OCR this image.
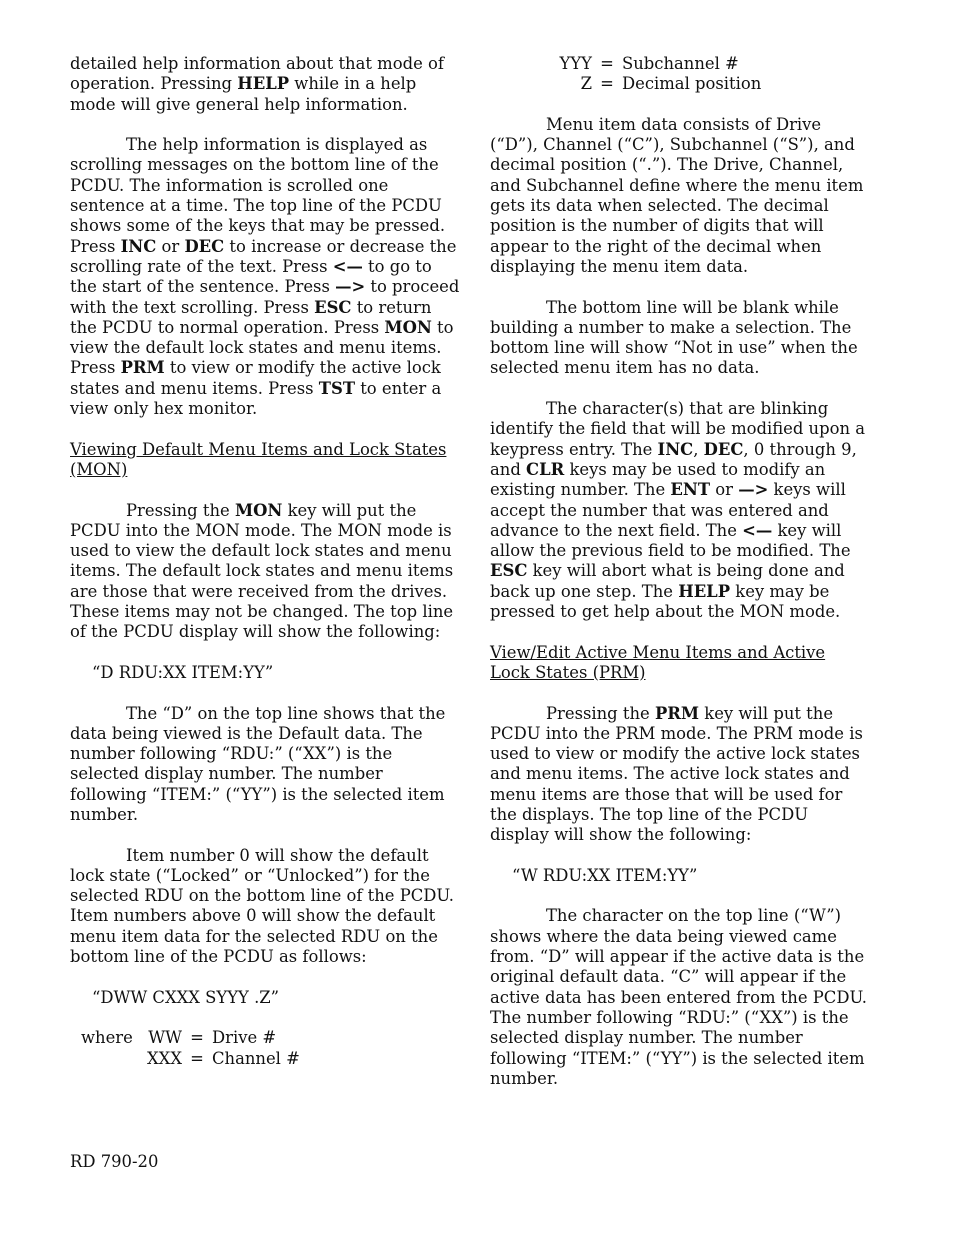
detailed help information about that mode of operation. Pressing HELP while in a help mode will give general help information.

The help information is displayed as scrolling messages on the bottom line of the PCDU. The information is scrolled one sentence at a time. The top line of the PCDU shows some of the keys that may be pressed. Press INC or DEC to increase or decrease the scrolling rate of the text. Press <— to go to the start of the sentence. Press —> to proceed with the text scrolling. Press ESC to return the PCDU to normal operation. Press MON to view the default lock states and menu items. Press PRM to view or modify the active lock states and menu items. Press TST to enter a view only hex monitor.

Viewing Default Menu Items and Lock States (MON)

Pressing the MON key will put the PCDU into the MON mode. The MON mode is used to view the default lock states and menu items. The default lock states and menu items are those that were received from the drives. These items may not be changed. The top line of the PCDU display will show the following:

“D RDU:XX ITEM:YY”

The “D” on the top line shows that the data being viewed is the Default data. The number following “RDU:” (“XX”) is the selected display number. The number following “ITEM:” (“YY”) is the selected item number.

Item number 0 will show the default lock state (“Locked” or “Unlocked”) for the selected RDU on the bottom line of the PCDU. Item numbers above 0 will show the default menu item data for the selected RDU on the bottom line of the PCDU as follows:

“DWW CXXX SYYY .Z”

where	WW	=	Drive #
	XXX	=	Channel #
YYY	=	Subchannel #
Z	=	Decimal position

Menu item data consists of Drive (“D”), Channel (“C”), Subchannel (“S”), and decimal position (“.”). The Drive, Channel, and Subchannel define where the menu item gets its data when selected. The decimal position is the number of digits that will appear to the right of the decimal when displaying the menu item data.

The bottom line will be blank while building a number to make a selection. The bottom line will show “Not in use” when the selected menu item has no data.

The character(s) that are blinking identify the field that will be modified upon a keypress entry. The INC, DEC, 0 through 9, and CLR keys may be used to modify an existing number. The ENT or —> keys will accept the number that was entered and advance to the next field. The <— key will allow the previous field to be modified. The ESC key will abort what is being done and back up one step. The HELP key may be pressed to get help about the MON mode.

View/Edit Active Menu Items and Active Lock States (PRM)

Pressing the PRM key will put the PCDU into the PRM mode. The PRM mode is used to view or modify the active lock states and menu items. The active lock states and menu items are those that will be used for the displays. The top line of the PCDU display will show the following:

“W RDU:XX ITEM:YY”

The character on the top line (“W”) shows where the data being viewed came from. “D” will appear if the active data is the original default data. “C” will appear if the active data has been entered from the PCDU. The number following “RDU:” (“XX”) is the selected display number. The number following “ITEM:” (“YY”) is the selected item number.

RD 790-20
